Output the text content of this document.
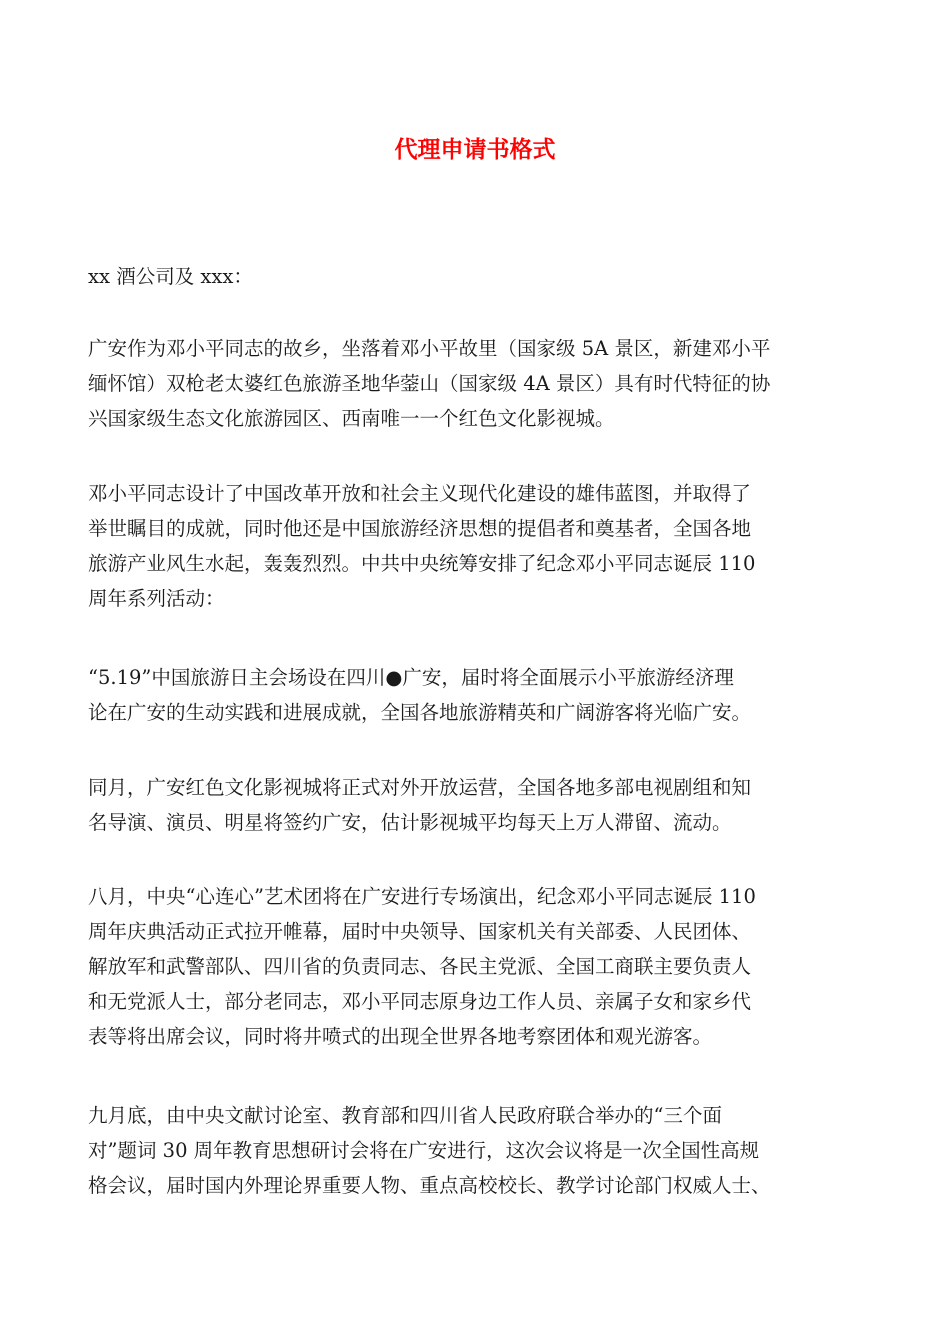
代理申请书格式

xx 酒公司及 xxx：

广安作为邓小平同志的故乡，坐落着邓小平故里（国家级 5A 景区，新建邓小平
缅怀馆）双枪老太婆红色旅游圣地华蓥山（国家级 4A 景区）具有时代特征的协
兴国家级生态文化旅游园区、西南唯一一个红色文化影视城。
邓小平同志设计了中国改革开放和社会主义现代化建设的雄伟蓝图，并取得了
举世瞩目的成就，同时他还是中国旅游经济思想的提倡者和奠基者，全国各地
旅游产业风生水起，轰轰烈烈。中共中央统筹安排了纪念邓小平同志诞辰 110
周年系列活动：
“5.19”中国旅游日主会场设在四川●广安，届时将全面展示小平旅游经济理
论在广安的生动实践和进展成就，全国各地旅游精英和广阔游客将光临广安。
同月，广安红色文化影视城将正式对外开放运营，全国各地多部电视剧组和知
名导演、演员、明星将签约广安，估计影视城平均每天上万人滞留、流动。
八月，中央“心连心”艺术团将在广安进行专场演出，纪念邓小平同志诞辰 110
周年庆典活动正式拉开帷幕，届时中央领导、国家机关有关部委、人民团体、
解放军和武警部队、四川省的负责同志、各民主党派、全国工商联主要负责人
和无党派人士，部分老同志，邓小平同志原身边工作人员、亲属子女和家乡代
表等将出席会议，同时将井喷式的出现全世界各地考察团体和观光游客。
九月底，由中央文献讨论室、教育部和四川省人民政府联合举办的“三个面
对”题词 30 周年教育思想研讨会将在广安进行，这次会议将是一次全国性高规
格会议，届时国内外理论界重要人物、重点高校校长、教学讨论部门权威人士、
